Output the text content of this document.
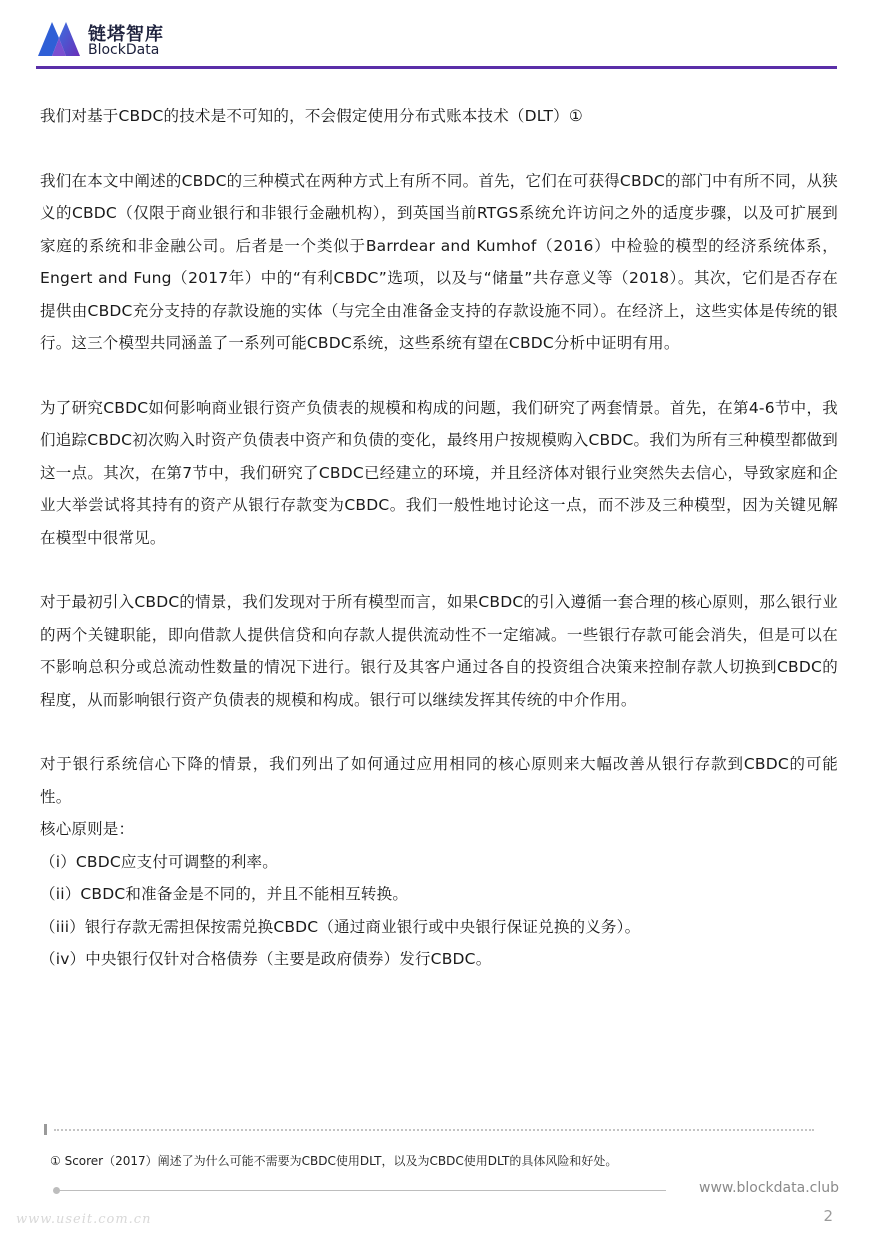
链塔智库
BlockData

我们对基于CBDC的技术是不可知的，不会假定使用分布式账本技术（DLT）①

我们在本文中阐述的CBDC的三种模式在两种方式上有所不同。首先，它们在可获得CBDC的部门中有所不同，从狭义的CBDC（仅限于商业银行和非银行金融机构），到英国当前RTGS系统允许访问之外的适度步骤，以及可扩展到家庭的系统和非金融公司。后者是一个类似于Barrdear and Kumhof（2016）中检验的模型的经济系统体系，Engert and Fung（2017年）中的“有利CBDC”选项，以及与“储量”共存意义等（2018）。其次，它们是否存在提供由CBDC充分支持的存款设施的实体（与完全由准备金支持的存款设施不同）。在经济上，这些实体是传统的银行。这三个模型共同涵盖了一系列可能CBDC系统，这些系统有望在CBDC分析中证明有用。

为了研究CBDC如何影响商业银行资产负债表的规模和构成的问题，我们研究了两套情景。首先，在第4-6节中，我们追踪CBDC初次购入时资产负债表中资产和负债的变化，最终用户按规模购入CBDC。我们为所有三种模型都做到这一点。其次，在第7节中，我们研究了CBDC已经建立的环境，并且经济体对银行业突然失去信心，导致家庭和企业大举尝试将其持有的资产从银行存款变为CBDC。我们一般性地讨论这一点，而不涉及三种模型，因为关键见解在模型中很常见。

对于最初引入CBDC的情景，我们发现对于所有模型而言，如果CBDC的引入遵循一套合理的核心原则，那么银行业的两个关键职能，即向借款人提供信贷和向存款人提供流动性不一定缩减。一些银行存款可能会消失，但是可以在不影响总积分或总流动性数量的情况下进行。银行及其客户通过各自的投资组合决策来控制存款人切换到CBDC的程度，从而影响银行资产负债表的规模和构成。银行可以继续发挥其传统的中介作用。

对于银行系统信心下降的情景，我们列出了如何通过应用相同的核心原则来大幅改善从银行存款到CBDC的可能性。

核心原则是：

（i）CBDC应支付可调整的利率。
（ii）CBDC和准备金是不同的，并且不能相互转换。
（iii）银行存款无需担保按需兑换CBDC（通过商业银行或中央银行保证兑换的义务）。
（iv）中央银行仅针对合格债券（主要是政府债券）发行CBDC。
① Scorer（2017）阐述了为什么可能不需要为CBDC使用DLT，以及为CBDC使用DLT的具体风险和好处。
www.blockdata.club
2
www.useit.com.cn
